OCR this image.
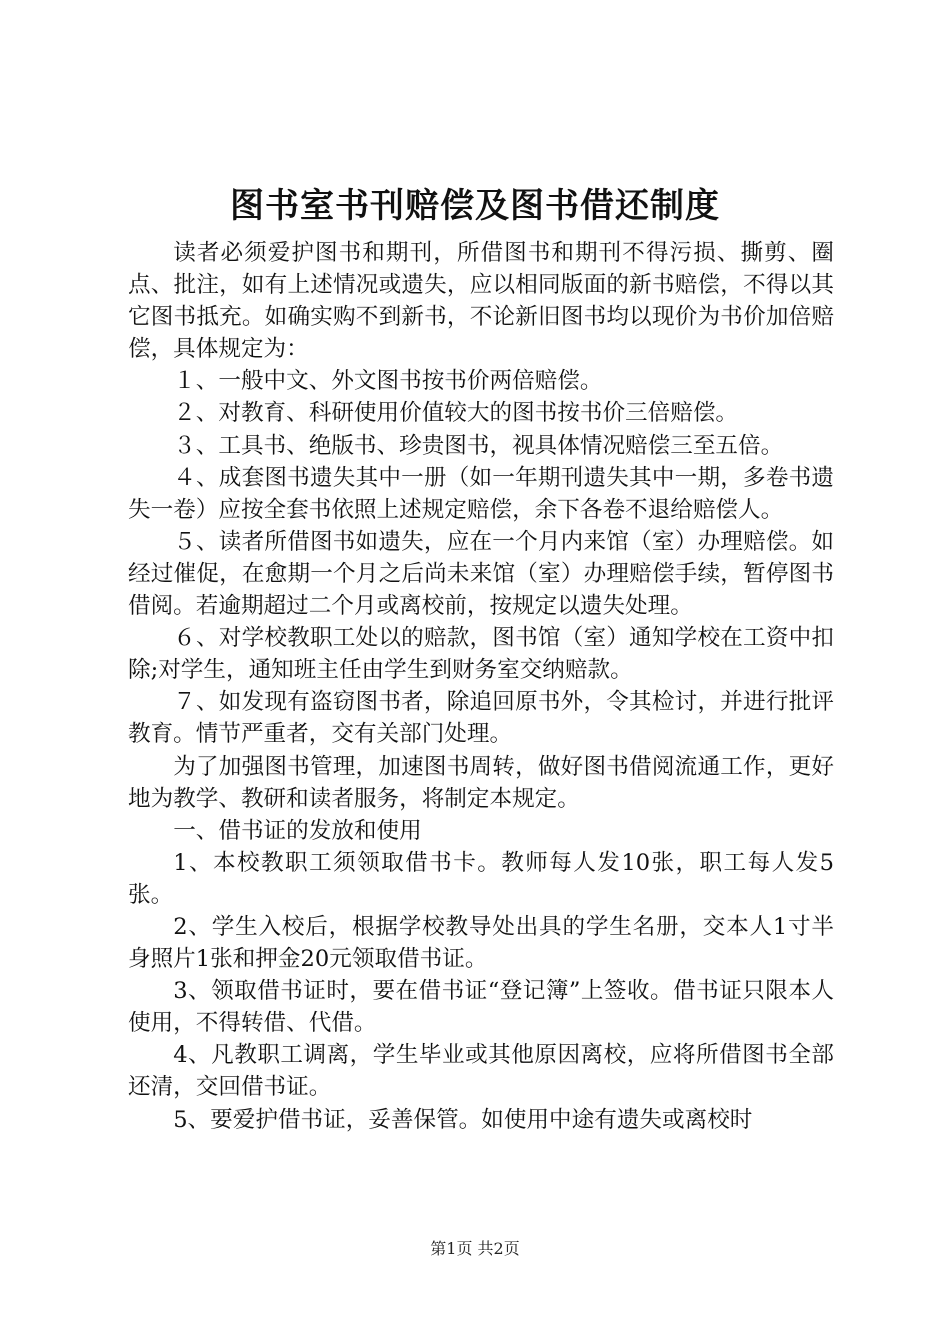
图书室书刊赔偿及图书借还制度

读者必须爱护图书和期刊，所借图书和期刊不得污损、撕剪、圈点、批注，如有上述情况或遗失，应以相同版面的新书赔偿，不得以其它图书抵充。如确实购不到新书，不论新旧图书均以现价为书价加倍赔偿，具体规定为：

１、一般中文、外文图书按书价两倍赔偿。

２、对教育、科研使用价值较大的图书按书价三倍赔偿。

３、工具书、绝版书、珍贵图书，视具体情况赔偿三至五倍。

４、成套图书遗失其中一册（如一年期刊遗失其中一期，多卷书遗失一卷）应按全套书依照上述规定赔偿，余下各卷不退给赔偿人。

５、读者所借图书如遗失，应在一个月内来馆（室）办理赔偿。如经过催促，在愈期一个月之后尚未来馆（室）办理赔偿手续，暂停图书借阅。若逾期超过二个月或离校前，按规定以遗失处理。

６、对学校教职工处以的赔款，图书馆（室）通知学校在工资中扣除;对学生，通知班主任由学生到财务室交纳赔款。

７、如发现有盗窃图书者，除追回原书外，令其检讨，并进行批评教育。情节严重者，交有关部门处理。

为了加强图书管理，加速图书周转，做好图书借阅流通工作，更好地为教学、教研和读者服务，将制定本规定。

一、借书证的发放和使用

1、本校教职工须领取借书卡。教师每人发10张，职工每人发5张。

2、学生入校后，根据学校教导处出具的学生名册，交本人1寸半身照片1张和押金20元领取借书证。

3、领取借书证时，要在借书证“登记簿”上签收。借书证只限本人使用，不得转借、代借。

4、凡教职工调离，学生毕业或其他原因离校，应将所借图书全部还清，交回借书证。

5、要爱护借书证，妥善保管。如使用中途有遗失或离校时

第1页 共2页
